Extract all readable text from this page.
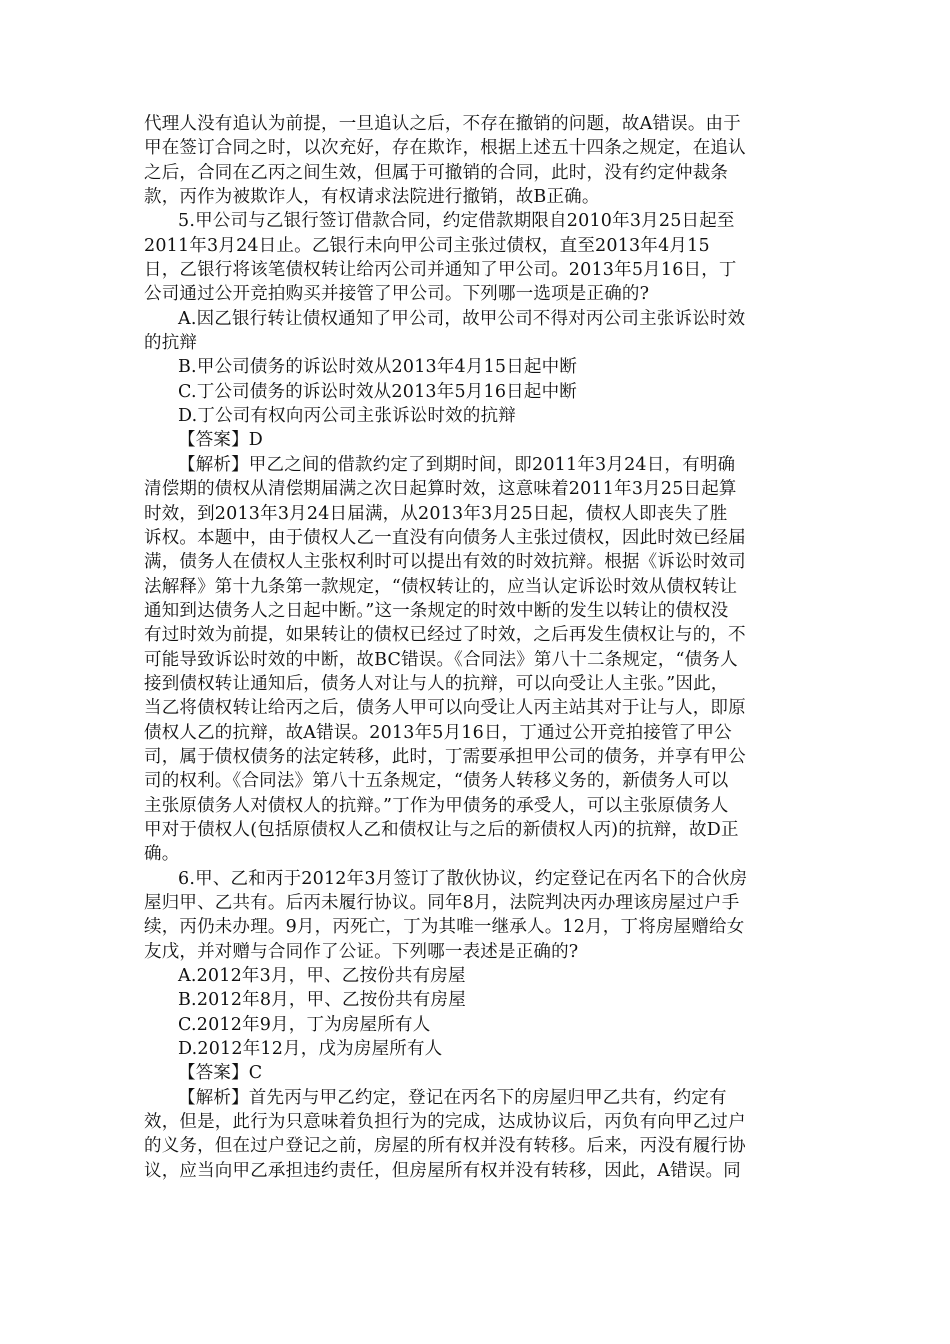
代理人没有追认为前提，一旦追认之后，不存在撤销的问题，故A错误。由于
甲在签订合同之时，以次充好，存在欺诈，根据上述五十四条之规定，在追认
之后，合同在乙丙之间生效，但属于可撤销的合同，此时，没有约定仲裁条
款，丙作为被欺诈人，有权请求法院进行撤销，故B正确。
5.甲公司与乙银行签订借款合同，约定借款期限自2010年3月25日起至
2011年3月24日止。乙银行未向甲公司主张过债权，直至2013年4月15
日，乙银行将该笔债权转让给丙公司并通知了甲公司。2013年5月16日，丁
公司通过公开竞拍购买并接管了甲公司。下列哪一选项是正确的?
A.因乙银行转让债权通知了甲公司，故甲公司不得对丙公司主张诉讼时效
的抗辩
B.甲公司债务的诉讼时效从2013年4月15日起中断
C.丁公司债务的诉讼时效从2013年5月16日起中断
D.丁公司有权向丙公司主张诉讼时效的抗辩
【答案】D
【解析】甲乙之间的借款约定了到期时间，即2011年3月24日，有明确
清偿期的债权从清偿期届满之次日起算时效，这意味着2011年3月25日起算
时效，到2013年3月24日届满，从2013年3月25日起，债权人即丧失了胜
诉权。本题中，由于债权人乙一直没有向债务人主张过债权，因此时效已经届
满，债务人在债权人主张权利时可以提出有效的时效抗辩。根据《诉讼时效司
法解释》第十九条第一款规定，“债权转让的，应当认定诉讼时效从债权转让
通知到达债务人之日起中断。”这一条规定的时效中断的发生以转让的债权没
有过时效为前提，如果转让的债权已经过了时效，之后再发生债权让与的，不
可能导致诉讼时效的中断，故BC错误。《合同法》第八十二条规定，“债务人
接到债权转让通知后，债务人对让与人的抗辩，可以向受让人主张。”因此，
当乙将债权转让给丙之后，债务人甲可以向受让人丙主站其对于让与人，即原
债权人乙的抗辩，故A错误。2013年5月16日，丁通过公开竞拍接管了甲公
司，属于债权债务的法定转移，此时，丁需要承担甲公司的债务，并享有甲公
司的权利。《合同法》第八十五条规定，“债务人转移义务的，新债务人可以
主张原债务人对债权人的抗辩。”丁作为甲债务的承受人，可以主张原债务人
甲对于债权人(包括原债权人乙和债权让与之后的新债权人丙)的抗辩，故D正
确。
6.甲、乙和丙于2012年3月签订了散伙协议，约定登记在丙名下的合伙房
屋归甲、乙共有。后丙未履行协议。同年8月，法院判决丙办理该房屋过户手
续，丙仍未办理。9月，丙死亡，丁为其唯一继承人。12月，丁将房屋赠给女
友戊，并对赠与合同作了公证。下列哪一表述是正确的?
A.2012年3月，甲、乙按份共有房屋
B.2012年8月，甲、乙按份共有房屋
C.2012年9月，丁为房屋所有人
D.2012年12月，戊为房屋所有人
【答案】C
【解析】首先丙与甲乙约定，登记在丙名下的房屋归甲乙共有，约定有
效，但是，此行为只意味着负担行为的完成，达成协议后，丙负有向甲乙过户
的义务，但在过户登记之前，房屋的所有权并没有转移。后来，丙没有履行协
议，应当向甲乙承担违约责任，但房屋所有权并没有转移，因此，A错误。同
